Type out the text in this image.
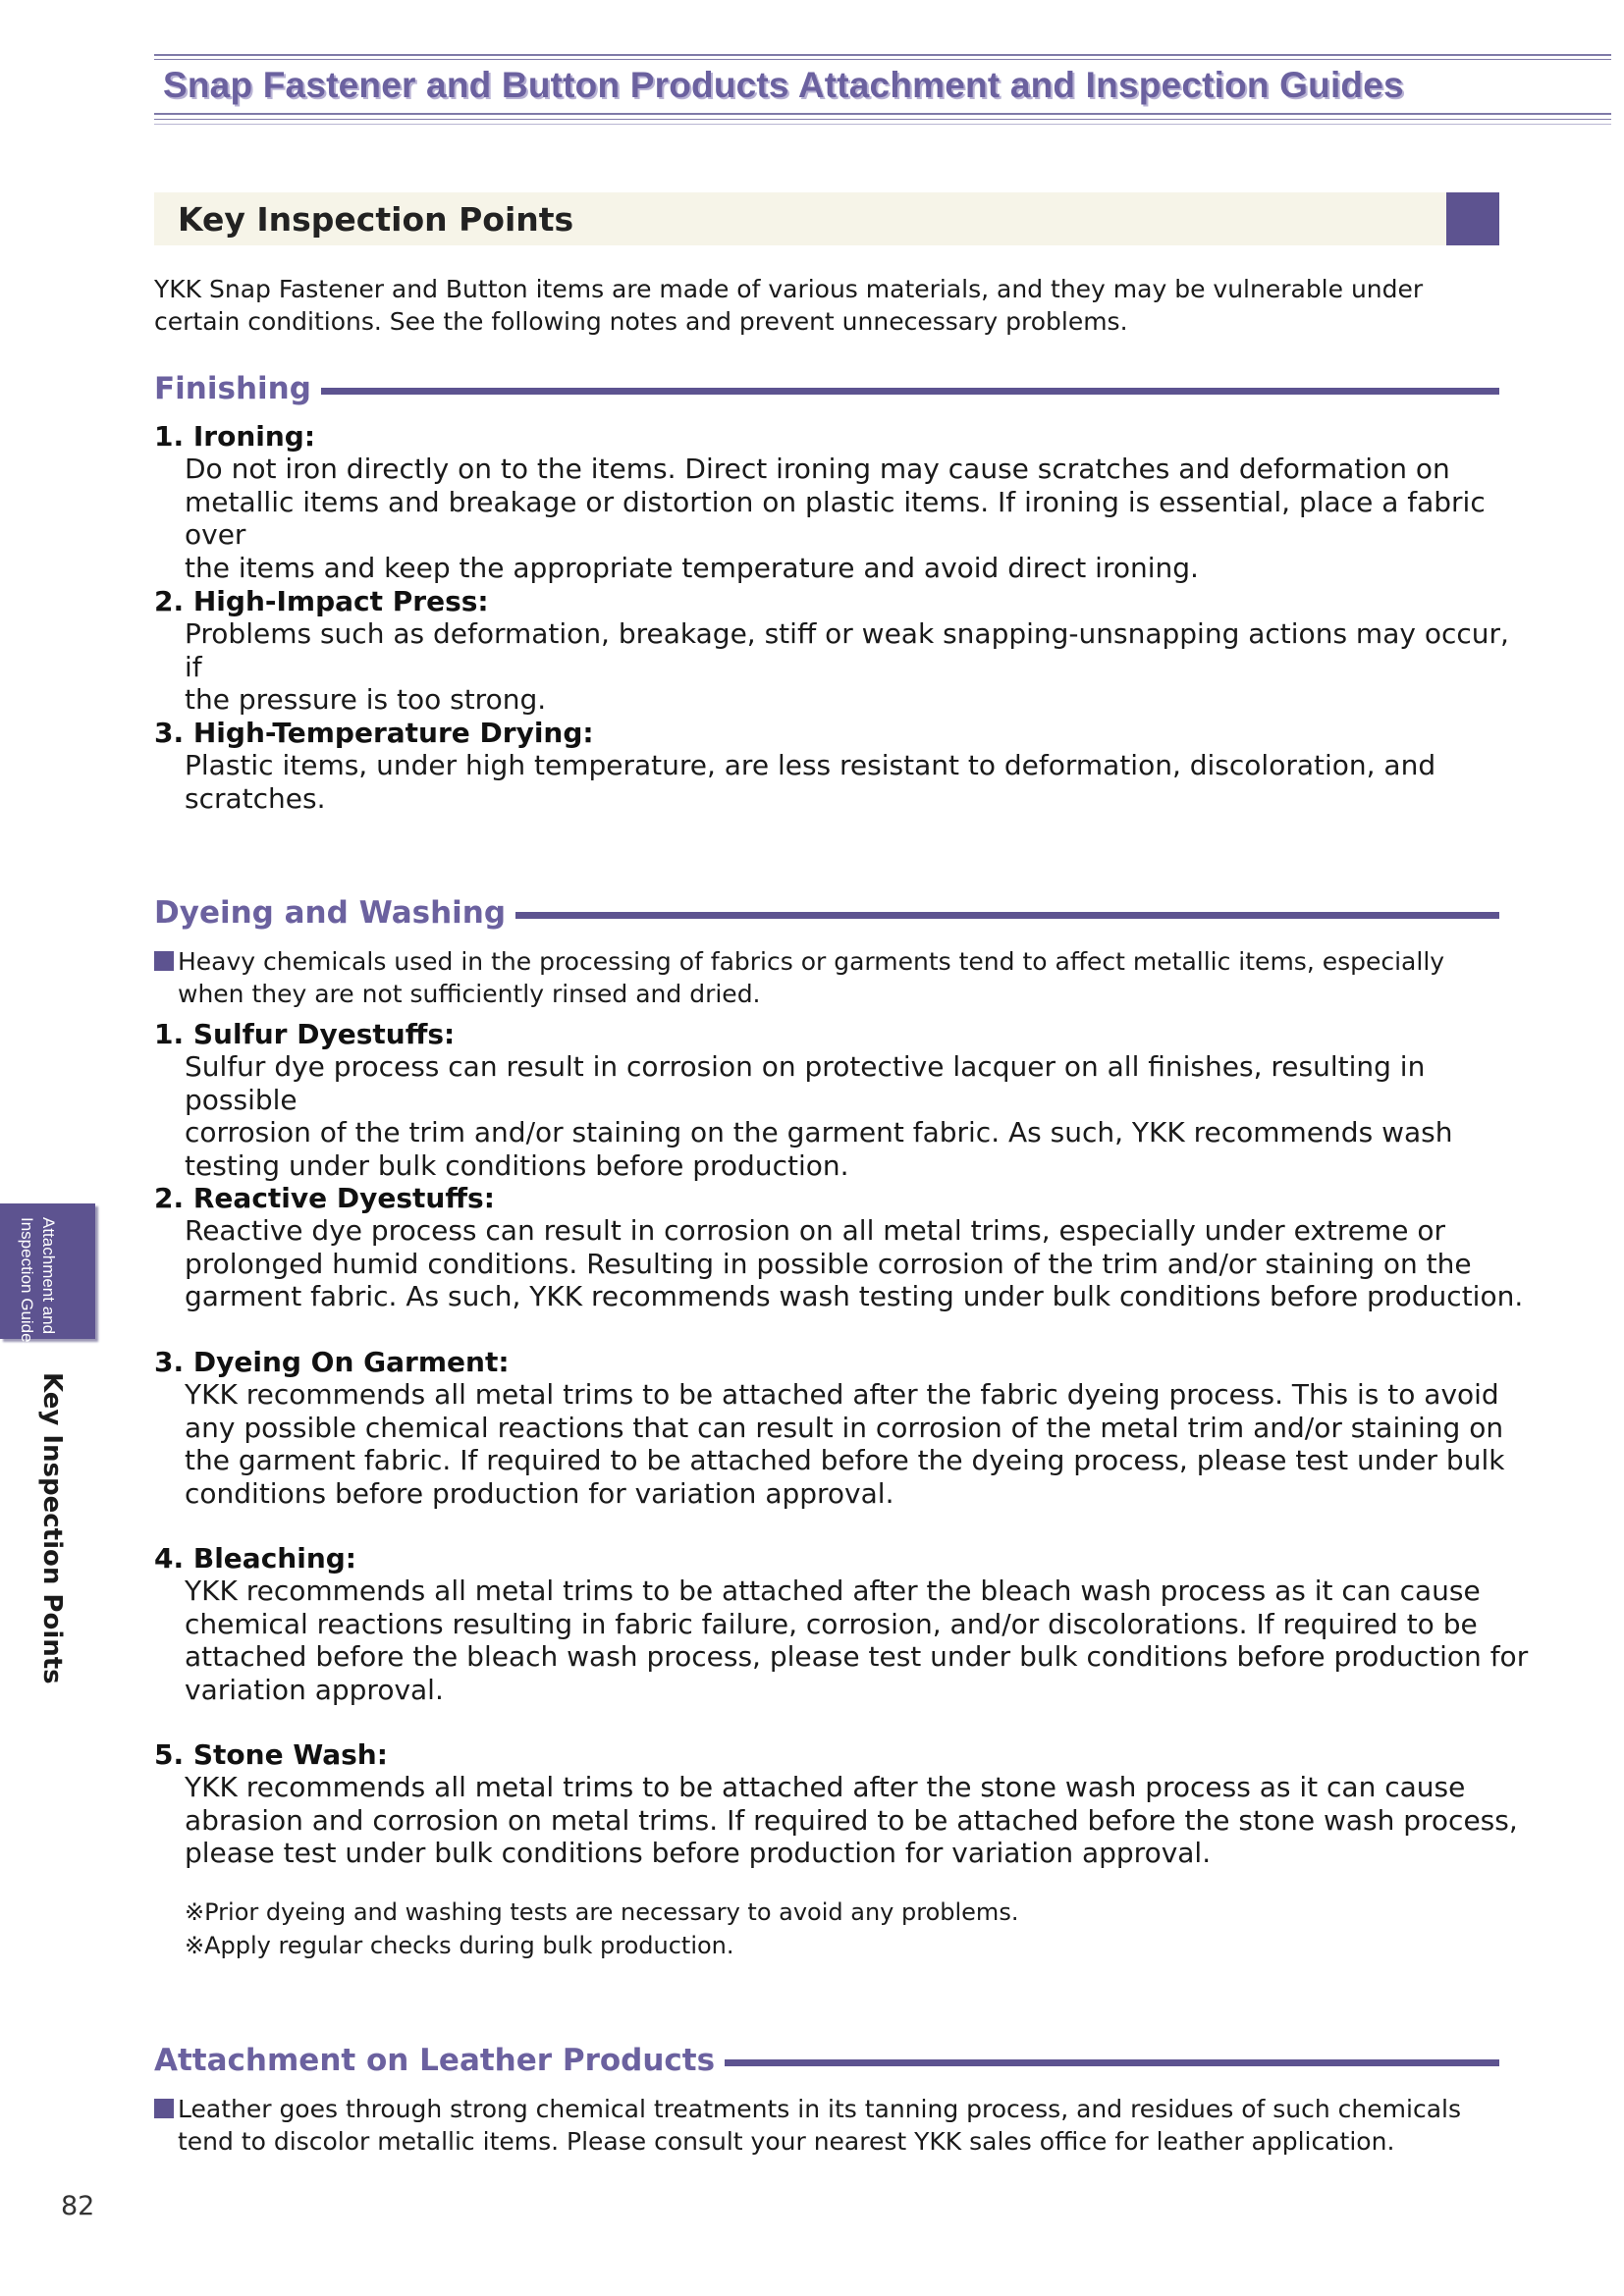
Snap Fastener and Button Products Attachment and Inspection Guides
Key Inspection Points
YKK Snap Fastener and Button items are made of various materials, and they may be vulnerable under
certain conditions. See the following notes and prevent unnecessary problems.
Finishing
1. Ironing:
Do not iron directly on to the items. Direct ironing may cause scratches and deformation on
metallic items and breakage or distortion on plastic items. If ironing is essential, place a fabric over
the items and keep the appropriate temperature and avoid direct ironing.
2. High-Impact Press:
Problems such as deformation, breakage, stiff or weak snapping-unsnapping actions may occur, if
the pressure is too strong.
3. High-Temperature Drying:
Plastic items, under high temperature, are less resistant to deformation, discoloration, and
scratches.
Dyeing and Washing
Heavy chemicals used in the processing of fabrics or garments tend to affect metallic items, especially
when they are not sufficiently rinsed and dried.
1. Sulfur Dyestuffs:
Sulfur dye process can result in corrosion on protective lacquer on all finishes, resulting in possible
corrosion of the trim and/or staining on the garment fabric. As such, YKK recommends wash
testing under bulk conditions before production.
2. Reactive Dyestuffs:
Reactive dye process can result in corrosion on all metal trims, especially under extreme or
prolonged humid conditions. Resulting in possible corrosion of the trim and/or staining on the
garment fabric. As such, YKK recommends wash testing under bulk conditions before production.
3. Dyeing On Garment:
YKK recommends all metal trims to be attached after the fabric dyeing process. This is to avoid
any possible chemical reactions that can result in corrosion of the metal trim and/or staining on
the garment fabric. If required to be attached before the dyeing process, please test under bulk
conditions before production for variation approval.
4. Bleaching:
YKK recommends all metal trims to be attached after the bleach wash process as it can cause
chemical reactions resulting in fabric failure, corrosion, and/or discolorations. If required to be
attached before the bleach wash process, please test under bulk conditions before production for
variation approval.
5. Stone Wash:
YKK recommends all metal trims to be attached after the stone wash process as it can cause
abrasion and corrosion on metal trims. If required to be attached before the stone wash process,
please test under bulk conditions before production for variation approval.
※Prior dyeing and washing tests are necessary to avoid any problems.
※Apply regular checks during bulk production.
Attachment on Leather Products
Leather goes through strong chemical treatments in its tanning process, and residues of such chemicals
tend to discolor metallic items. Please consult your nearest YKK sales office for leather application.
Attachment and
Inspection Guides
Key Inspection Points
82
